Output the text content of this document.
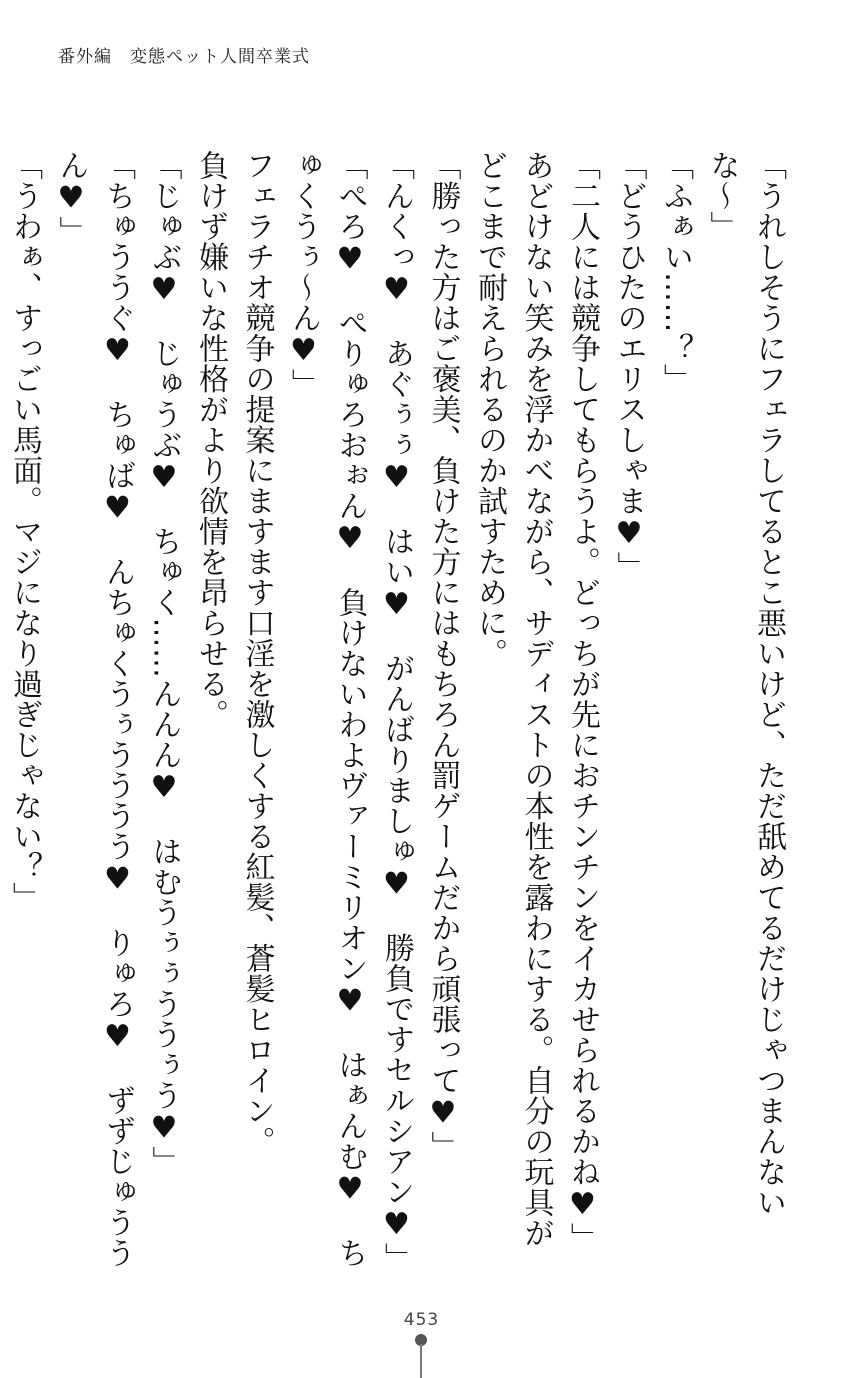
番外編　変態ペット人間卒業式

「うれしそうにフェラしてるとこ悪いけど、ただ舐めてるだけじゃつまんないな〜」

「ふぁい……？」

「どうひたのエリスしゃま♥」

「二人には競争してもらうよ。どっちが先におチンチンをイカせられるかね♥」

あどけない笑みを浮かべながら、サディストの本性を露わにする。自分の玩具がどこまで耐えられるのか試すために。

「勝った方はご褒美、負けた方にはもちろん罰ゲームだから頑張って♥」

「んくっ♥　あぐぅぅ♥　はい♥　がんばりましゅ♥　勝負ですセルシアン♥」

「ぺろ♥　ぺりゅろおぉん♥　負けないわよヴァーミリオン♥　はぁんむ♥　ちゅくうぅ〜ん♥」

フェラチオ競争の提案にますます口淫を激しくする紅髪、蒼髪ヒロイン。

負けず嫌いな性格がより欲情を昂らせる。

「じゅぶ♥　じゅうぶ♥　ちゅく……んんん♥　はむうぅぅううぅう♥」

「ちゅううぐ♥　ちゅば♥　んちゅくうぅうううう♥　りゅろ♥　ずずじゅううん♥」

「うわぁ、すっごい馬面。マジになり過ぎじゃない？」

453
